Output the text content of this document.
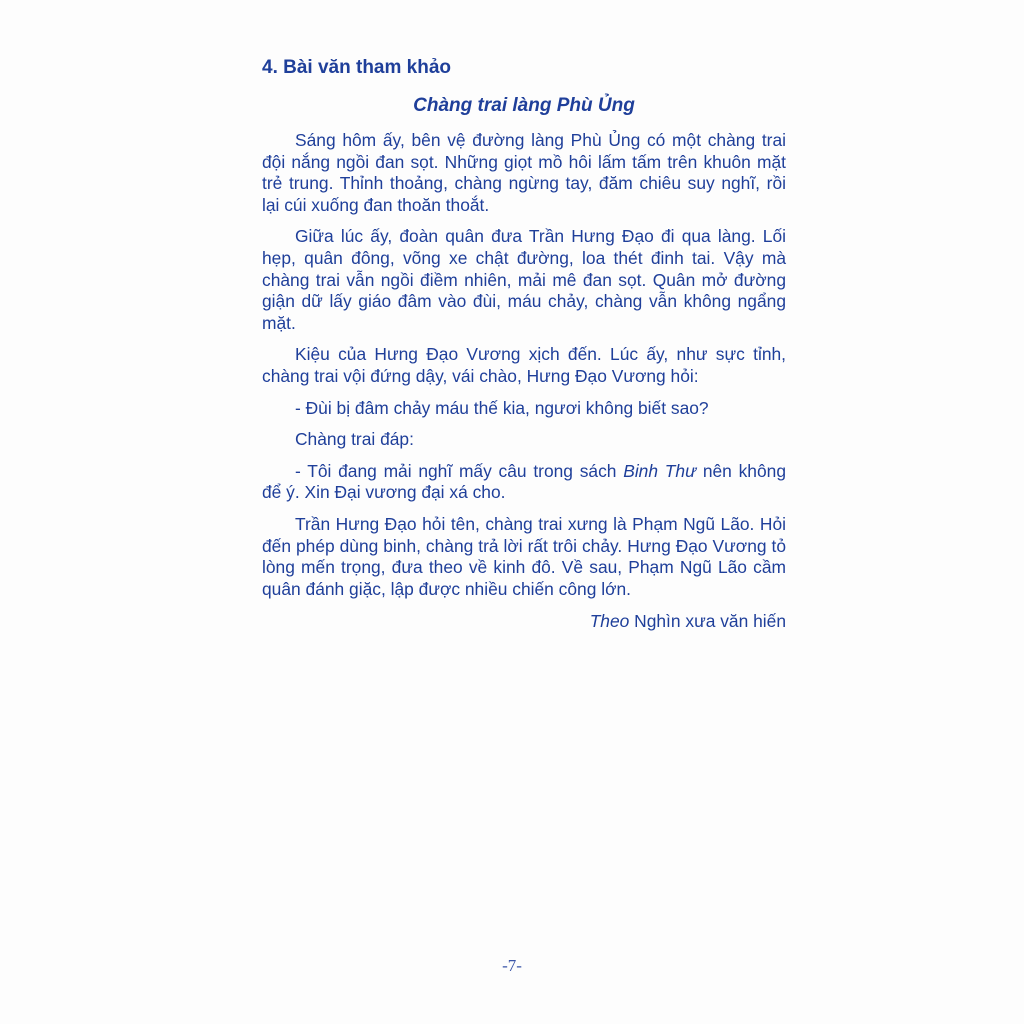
4. Bài văn tham khảo
Chàng trai làng Phù Ủng

Sáng hôm ấy, bên vệ đường làng Phù Ủng có một chàng trai đội nắng ngồi đan sọt. Những giọt mồ hôi lấm tấm trên khuôn mặt trẻ trung. Thỉnh thoảng, chàng ngừng tay, đăm chiêu suy nghĩ, rồi lại cúi xuống đan thoăn thoắt.

Giữa lúc ấy, đoàn quân đưa Trần Hưng Đạo đi qua làng. Lối hẹp, quân đông, võng xe chật đường, loa thét đinh tai. Vậy mà chàng trai vẫn ngồi điềm nhiên, mải mê đan sọt. Quân mở đường giận dữ lấy giáo đâm vào đùi, máu chảy, chàng vẫn không ngẩng mặt.

Kiệu của Hưng Đạo Vương xịch đến. Lúc ấy, như sực tỉnh, chàng trai vội đứng dậy, vái chào, Hưng Đạo Vương hỏi:

- Đùi bị đâm chảy máu thế kia, ngươi không biết sao?

Chàng trai đáp:

- Tôi đang mải nghĩ mấy câu trong sách Binh Thư nên không để ý. Xin Đại vương đại xá cho.

Trần Hưng Đạo hỏi tên, chàng trai xưng là Phạm Ngũ Lão. Hỏi đến phép dùng binh, chàng trả lời rất trôi chảy. Hưng Đạo Vương tỏ lòng mến trọng, đưa theo về kinh đô. Về sau, Phạm Ngũ Lão cầm quân đánh giặc, lập được nhiều chiến công lớn.

Theo Nghìn xưa văn hiến

-7-
